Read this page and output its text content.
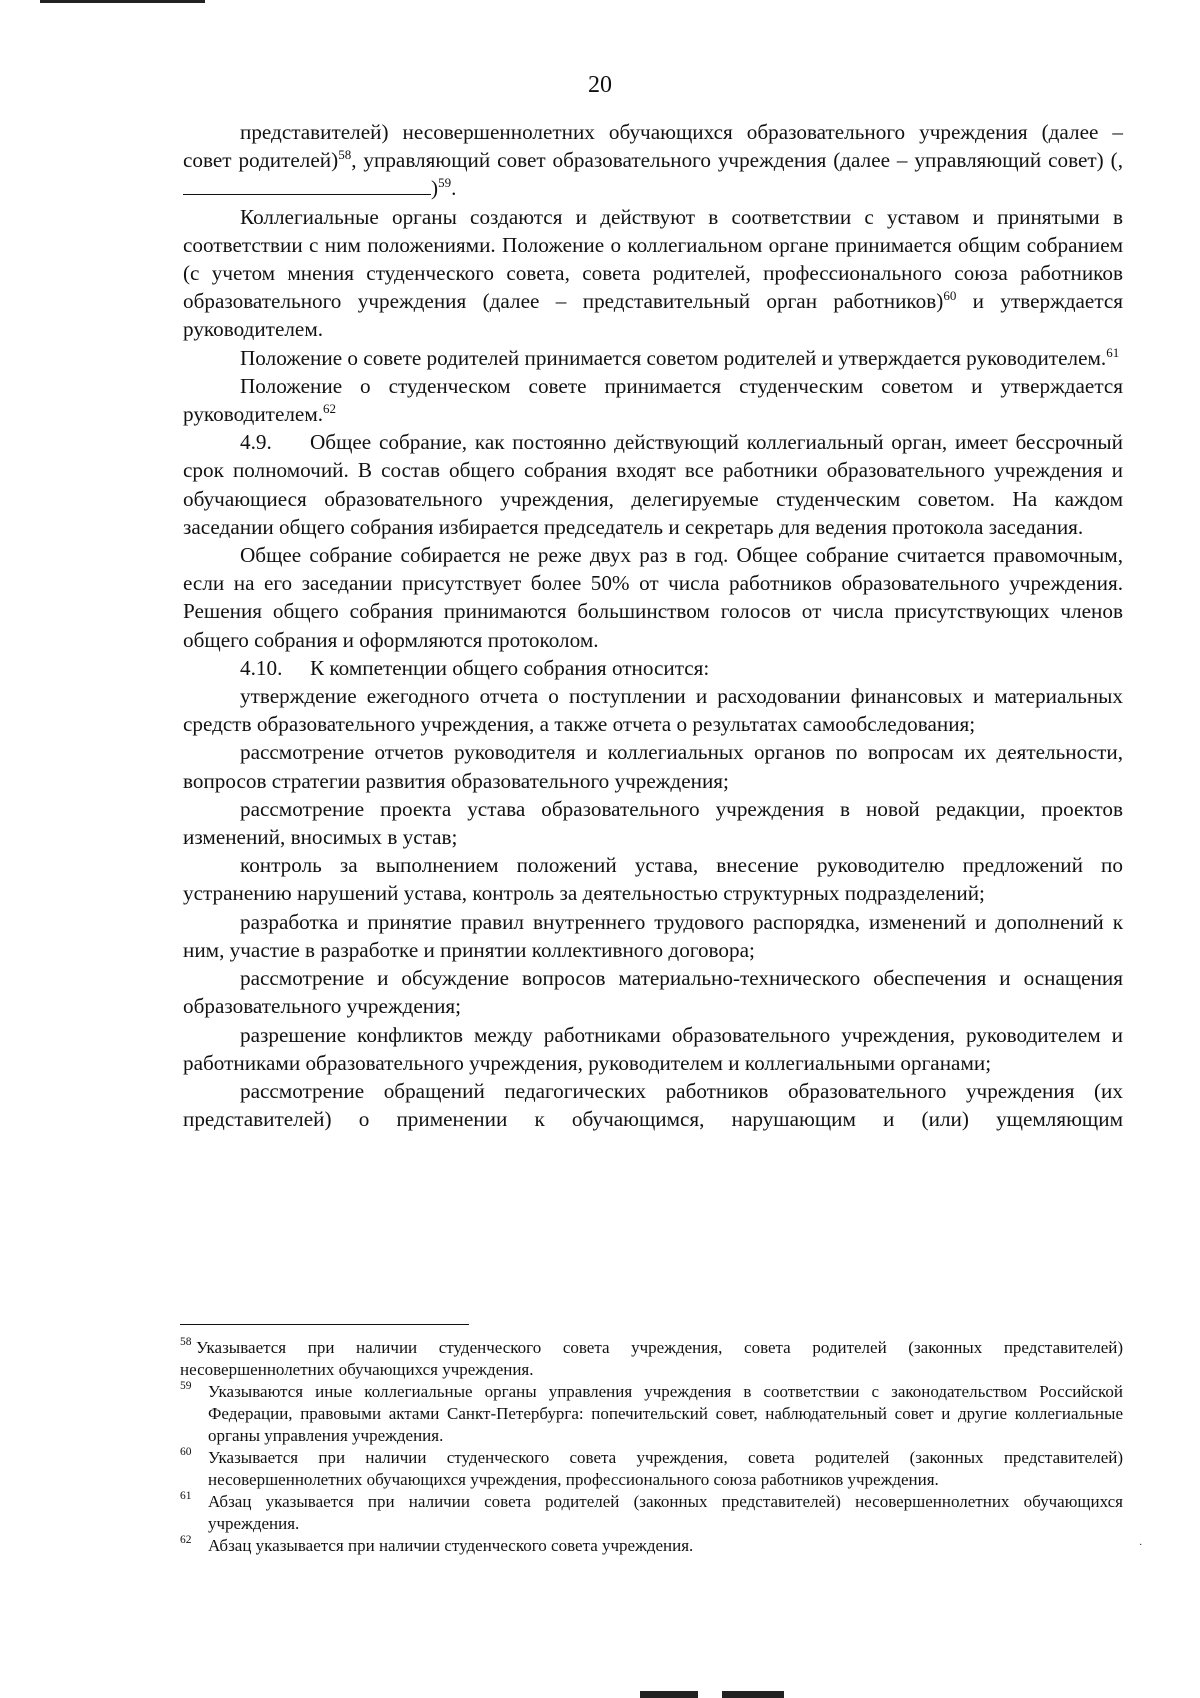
20

представителей) несовершеннолетних обучающихся образовательного учреждения (далее – совет родителей)$^{58}$, управляющий совет образовательного учреждения (далее – управляющий совет) (,)$^{59}$.

Коллегиальные органы создаются и действуют в соответствии с уставом и принятыми в соответствии с ним положениями. Положение о коллегиальном органе принимается общим собранием (с учетом мнения студенческого совета, совета родителей, профессионального союза работников образовательного учреждения (далее – представительный орган работников)$^{60}$ и утверждается руководителем.

Положение о совете родителей принимается советом родителей и утверждается руководителем.$^{61}$

Положение о студенческом совете принимается студенческим советом и утверждается руководителем.$^{62}$

4.9. Общее собрание, как постоянно действующий коллегиальный орган, имеет бессрочный срок полномочий. В состав общего собрания входят все работники образовательного учреждения и обучающиеся образовательного учреждения, делегируемые студенческим советом. На каждом заседании общего собрания избирается председатель и секретарь для ведения протокола заседания.

Общее собрание собирается не реже двух раз в год. Общее собрание считается правомочным, если на его заседании присутствует более 50% от числа работников образовательного учреждения. Решения общего собрания принимаются большинством голосов от числа присутствующих членов общего собрания и оформляются протоколом.

4.10. К компетенции общего собрания относится:

утверждение ежегодного отчета о поступлении и расходовании финансовых и материальных средств образовательного учреждения, а также отчета о результатах самообследования;

рассмотрение отчетов руководителя и коллегиальных органов по вопросам их деятельности, вопросов стратегии развития образовательного учреждения;

рассмотрение проекта устава образовательного учреждения в новой редакции, проектов изменений, вносимых в устав;

контроль за выполнением положений устава, внесение руководителю предложений по устранению нарушений устава, контроль за деятельностью структурных подразделений;

разработка и принятие правил внутреннего трудового распорядка, изменений и дополнений к ним, участие в разработке и принятии коллективного договора;

рассмотрение и обсуждение вопросов материально-технического обеспечения и оснащения образовательного учреждения;

разрешение конфликтов между работниками образовательного учреждения, руководителем и работниками образовательного учреждения, руководителем и коллегиальными органами;

рассмотрение обращений педагогических работников образовательного учреждения (их представителей) о применении к обучающимся, нарушающим и (или) ущемляющим

58 Указывается при наличии студенческого совета учреждения, совета родителей (законных представителей) несовершеннолетних обучающихся учреждения.
59 Указываются иные коллегиальные органы управления учреждения в соответствии с законодательством Российской Федерации, правовыми актами Санкт-Петербурга: попечительский совет, наблюдательный совет и другие коллегиальные органы управления учреждения.
60 Указывается при наличии студенческого совета учреждения, совета родителей (законных представителей) несовершеннолетних обучающихся учреждения, профессионального союза работников учреждения.
61 Абзац указывается при наличии совета родителей (законных представителей) несовершеннолетних обучающихся учреждения.
62 Абзац указывается при наличии студенческого совета учреждения.	·
